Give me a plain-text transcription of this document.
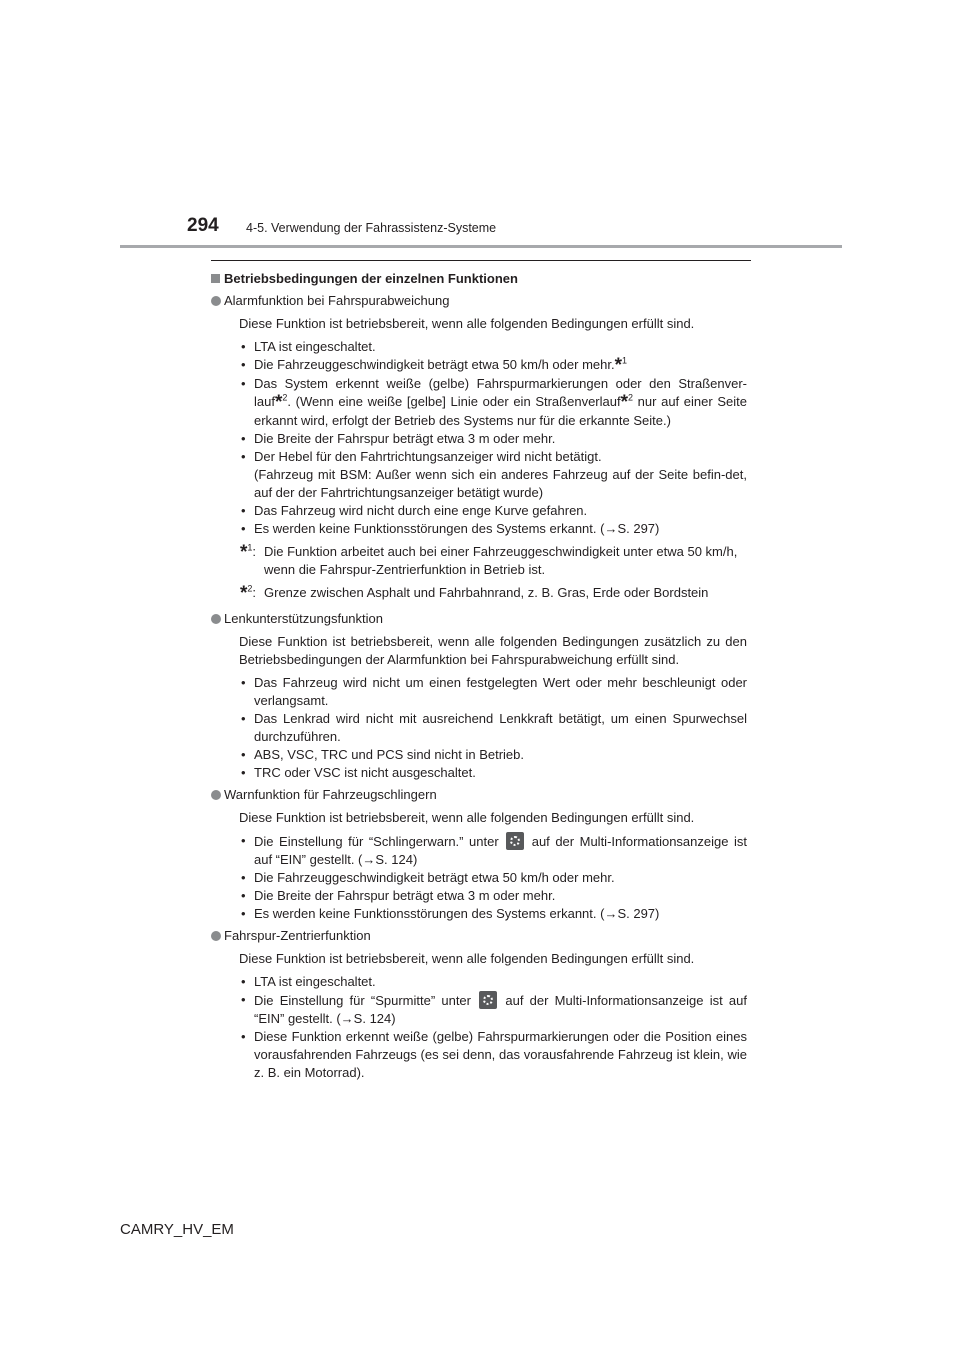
294 4-5. Verwendung der Fahrassistenz-Systeme
Betriebsbedingungen der einzelnen Funktionen
Alarmfunktion bei Fahrspurabweichung
Diese Funktion ist betriebsbereit, wenn alle folgenden Bedingungen erfüllt sind.
• LTA ist eingeschaltet.
• Die Fahrzeuggeschwindigkeit beträgt etwa 50 km/h oder mehr.*$^1$
• Das System erkennt weiße (gelbe) Fahrspurmarkierungen oder den Straßenver-lauf*$^2$. (Wenn eine weiße [gelbe] Linie oder ein Straßenverlauf*$^2$ nur auf einer Seite erkannt wird, erfolgt der Betrieb des Systems nur für die erkannte Seite.)
• Die Breite der Fahrspur beträgt etwa 3 m oder mehr.
• Der Hebel für den Fahrtrichtungsanzeiger wird nicht betätigt.
(Fahrzeug mit BSM: Außer wenn sich ein anderes Fahrzeug auf der Seite befin-det, auf der der Fahrtrichtungsanzeiger betätigt wurde)
• Das Fahrzeug wird nicht durch eine enge Kurve gefahren.
• Es werden keine Funktionsstörungen des Systems erkannt. (→S. 297)
*$^1$: Die Funktion arbeitet auch bei einer Fahrzeuggeschwindigkeit unter etwa 50 km/h, wenn die Fahrspur-Zentrierfunktion in Betrieb ist.
*$^2$: Grenze zwischen Asphalt und Fahrbahnrand, z. B. Gras, Erde oder Bordstein
Lenkunterstützungsfunktion
Diese Funktion ist betriebsbereit, wenn alle folgenden Bedingungen zusätzlich zu den Betriebsbedingungen der Alarmfunktion bei Fahrspurabweichung erfüllt sind.
• Das Fahrzeug wird nicht um einen festgelegten Wert oder mehr beschleunigt oder verlangsamt.
• Das Lenkrad wird nicht mit ausreichend Lenkkraft betätigt, um einen Spurwechsel durchzuführen.
• ABS, VSC, TRC und PCS sind nicht in Betrieb.
• TRC oder VSC ist nicht ausgeschaltet.
Warnfunktion für Fahrzeugschlingern
Diese Funktion ist betriebsbereit, wenn alle folgenden Bedingungen erfüllt sind.
• Die Einstellung für “Schlingerwarn.” unter	auf der Multi-Informationsanzeige ist auf “EIN” gestellt. (→S. 124)
• Die Fahrzeuggeschwindigkeit beträgt etwa 50 km/h oder mehr.
• Die Breite der Fahrspur beträgt etwa 3 m oder mehr.
• Es werden keine Funktionsstörungen des Systems erkannt. (→S. 297)
Fahrspur-Zentrierfunktion
Diese Funktion ist betriebsbereit, wenn alle folgenden Bedingungen erfüllt sind.
• LTA ist eingeschaltet.
• Die Einstellung für “Spurmitte” unter	auf der Multi-Informationsanzeige ist auf “EIN” gestellt. (→S. 124)
• Diese Funktion erkennt weiße (gelbe) Fahrspurmarkierungen oder die Position eines vorausfahrenden Fahrzeugs (es sei denn, das vorausfahrende Fahrzeug ist klein, wie z. B. ein Motorrad).
CAMRY_HV_EM
